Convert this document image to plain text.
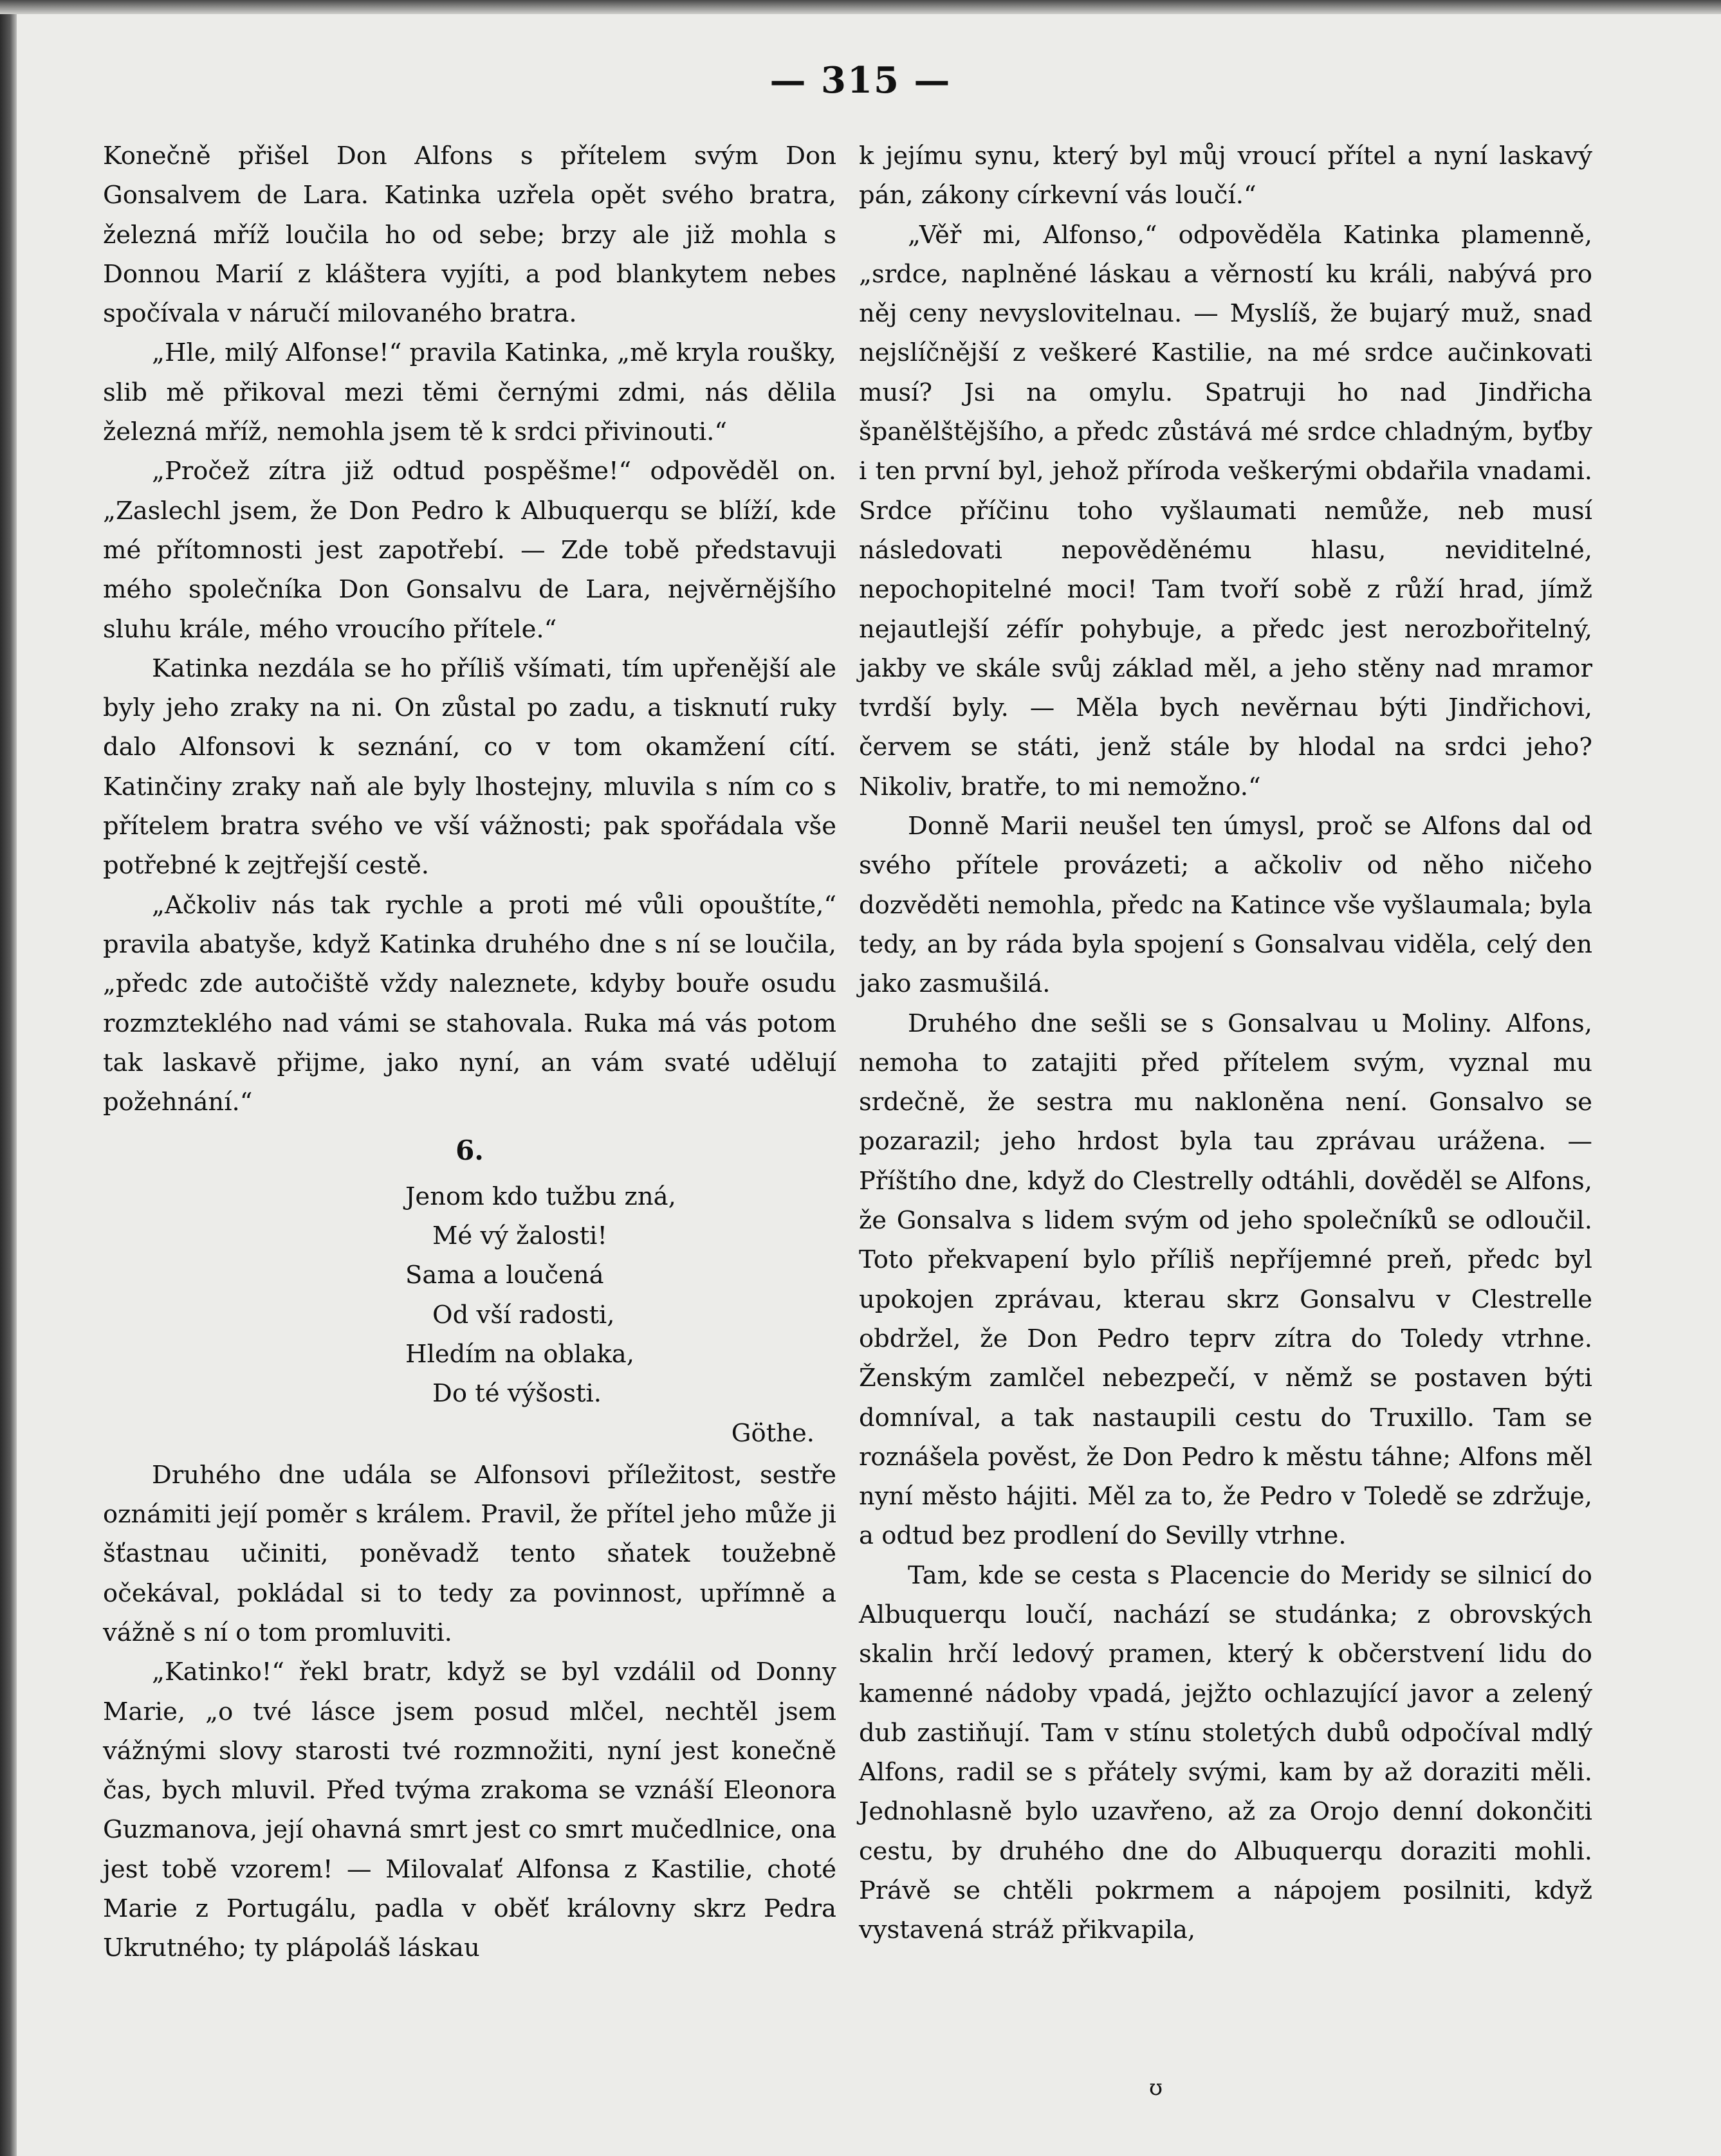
— 315 —

Konečně přišel Don Alfons s přítelem svým Don Gonsalvem de Lara. Katinka uzřela opět svého bratra, železná mříž loučila ho od sebe; brzy ale již mohla s Donnou Marií z kláštera vyjíti, a pod blankytem nebes spočívala v náručí milovaného bratra.

„Hle, milý Alfonse!“ pravila Katinka, „mě kryla roušky, slib mě přikoval mezi těmi černými zdmi, nás dělila železná mříž, nemohla jsem tě k srdci přivinouti.“

„Pročež zítra již odtud pospěšme!“ odpověděl on. „Zaslechl jsem, že Don Pedro k Albuquerqu se blíží, kde mé přítomnosti jest zapotřebí. — Zde tobě představuji mého společníka Don Gonsalvu de Lara, nejvěrnějšího sluhu krále, mého vroucího přítele.“

Katinka nezdála se ho příliš všímati, tím upřenější ale byly jeho zraky na ni. On zůstal po zadu, a tisknutí ruky dalo Alfonsovi k seznání, co v tom okamžení cítí. Katinčiny zraky naň ale byly lhostejny, mluvila s ním co s přítelem bratra svého ve vší vážnosti; pak spořádala vše potřebné k zejtřejší cestě.

„Ačkoliv nás tak rychle a proti mé vůli opouštíte,“ pravila abatyše, když Katinka druhého dne s ní se loučila, „předc zde autočiště vždy naleznete, kdyby bouře osudu rozmzteklého nad vámi se stahovala. Ruka má vás potom tak laskavě přijme, jako nyní, an vám svaté udělují požehnání.“

6.
Jenom kdo tužbu zná,
Mé vý žalosti!
Sama a loučená
Od vší radosti,
Hledím na oblaka,
Do té výšosti.
Göthe.

Druhého dne udála se Alfonsovi příležitost, sestře oznámiti její poměr s králem. Pravil, že přítel jeho může ji šťastnau učiniti, poněvadž tento sňatek toužebně očekával, pokládal si to tedy za povinnost, upřímně a vážně s ní o tom promluviti.

„Katinko!“ řekl bratr, když se byl vzdálil od Donny Marie, „o tvé lásce jsem posud mlčel, nechtěl jsem vážnými slovy starosti tvé rozmnožiti, nyní jest konečně čas, bych mluvil. Před tvýma zrakoma se vznáší Eleonora Guzmanova, její ohavná smrt jest co smrt mučedlnice, ona jest tobě vzorem! — Milovalať Alfonsa z Kastilie, choté Marie z Portugálu, padla v oběť královny skrz Pedra Ukrutného; ty plápoláš láskau

k jejímu synu, který byl můj vroucí přítel a nyní laskavý pán, zákony církevní vás loučí.“

„Věř mi, Alfonso,“ odpověděla Katinka plamenně, „srdce, naplněné láskau a věrností ku králi, nabývá pro něj ceny nevyslovitelnau. — Myslíš, že bujarý muž, snad nejslíčnější z veškeré Kastilie, na mé srdce aučinkovati musí? Jsi na omylu. Spatruji ho nad Jindřicha španělštějšího, a předc zůstává mé srdce chladným, byťby i ten první byl, jehož příroda veškerými obdařila vnadami. Srdce příčinu toho vyšlaumati nemůže, neb musí následovati nepověděnému hlasu, neviditelné, nepochopitelné moci! Tam tvoří sobě z růží hrad, jímž nejautlejší zéfír pohybuje, a předc jest nerozbořitelný, jakby ve skále svůj základ měl, a jeho stěny nad mramor tvrdší byly. — Měla bych nevěrnau býti Jindřichovi, červem se státi, jenž stále by hlodal na srdci jeho? Nikoliv, bratře, to mi nemožno.“

Donně Marii neušel ten úmysl, proč se Alfons dal od svého přítele provázeti; a ačkoliv od něho ničeho dozvěděti nemohla, předc na Katince vše vyšlaumala; byla tedy, an by ráda byla spojení s Gonsalvau viděla, celý den jako zasmušilá.

Druhého dne sešli se s Gonsalvau u Moliny. Alfons, nemoha to zatajiti před přítelem svým, vyznal mu srdečně, že sestra mu nakloněna není. Gonsalvo se pozarazil; jeho hrdost byla tau zprávau urážena. — Příštího dne, když do Clestrelly odtáhli, dověděl se Alfons, že Gonsalva s lidem svým od jeho společníků se odloučil. Toto překvapení bylo příliš nepříjemné preň, předc byl upokojen zprávau, kterau skrz Gonsalvu v Clestrelle obdržel, že Don Pedro teprv zítra do Toledy vtrhne. Ženským zamlčel nebezpečí, v němž se postaven býti domníval, a tak nastaupili cestu do Truxillo. Tam se roznášela pověst, že Don Pedro k městu táhne; Alfons měl nyní město hájiti. Měl za to, že Pedro v Toledě se zdržuje, a odtud bez prodlení do Sevilly vtrhne.

Tam, kde se cesta s Placencie do Meridy se silnicí do Albuquerqu loučí, nachází se studánka; z obrovských skalin hrčí ledový pramen, který k občerstvení lidu do kamenné nádoby vpadá, jejžto ochlazující javor a zelený dub zastiňují. Tam v stínu stoletých dubů odpočíval mdlý Alfons, radil se s přátely svými, kam by až doraziti měli. Jednohlasně bylo uzavřeno, až za Orojo denní dokončiti cestu, by druhého dne do Albuquerqu doraziti mohli. Právě se chtěli pokrmem a nápojem posilniti, když vystavená stráž přikvapila,

ʊ
